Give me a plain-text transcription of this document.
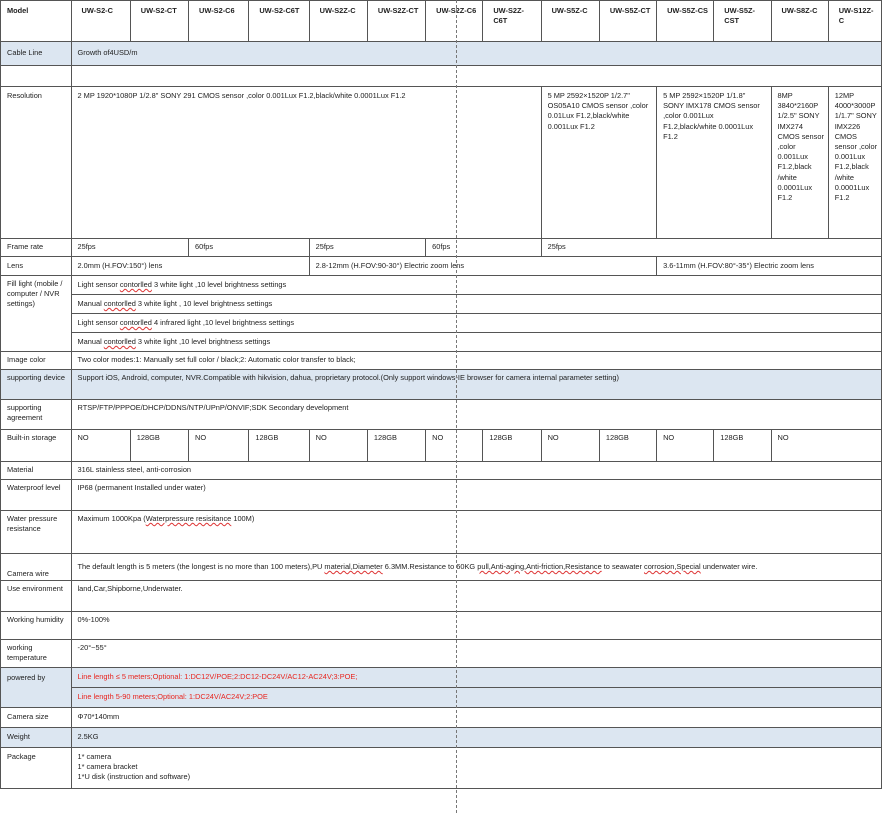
Model	UW-S2-C	UW-S2-CT	UW-S2-C6	UW-S2-C6T	UW-S2Z-C	UW-S2Z-CT	UW-S2Z-C6	UW-S2Z-C6T	UW-S5Z-C	UW-S5Z-CT	UW-S5Z-CS	UW-S5Z-CST	UW-S8Z-C	UW-S12Z-C
Cable Line	Growth of4USD/m													

Resolution	2 MP 1920*1080P 1/2.8" SONY 291 CMOS sensor ,color 0.001Lux F1.2,black/white 0.0001Lux F1.2								5 MP 2592×1520P 1/2.7" OS05A10 CMOS sensor ,color 0.01Lux F1.2,black/white 0.001Lux F1.2		5 MP 2592×1520P 1/1.8" SONY IMX178 CMOS sensor ,color 0.001Lux F1.2,black/white 0.0001Lux F1.2		8MP 3840*2160P 1/2.5" SONY IMX274 CMOS sensor ,color 0.001Lux F1.2,black /white 0.0001Lux F1.2	12MP 4000*3000P 1/1.7" SONY IMX226 CMOS sensor ,color 0.001Lux F1.2,black /white 0.0001Lux F1.2
Frame rate	25fps		60fps		25fps		60fps		25fps					
Lens	2.0mm (H.FOV:150°) lens				2.8-12mm (H.FOV:90-30°) Electric zoom lens						3.6-11mm (H.FOV:80°-35°) Electric zoom lens			
Fill light (mobile / computer / NVR settings)	Light sensor contorlled 3 white light ,10 level brightness settings													
	Manual contorlled 3 white light , 10 level brightness settings													
	Light sensor contorlled 4 infrared light ,10 level brightness settings													
	Manual contorlled 3 white light ,10 level brightness settings													
Image color	Two color modes:1: Manually set full color / black;2: Automatic color transfer to black;													
supporting device	Support iOS, Android, computer, NVR.Compatible with hikvision, dahua, proprietary protocol.(Only support windows-IE browser for camera internal parameter setting)													
supporting agreement	RTSP/FTP/PPPOE/DHCP/DDNS/NTP/UPnP/ONVIF;SDK Secondary development													
Built-in storage	NO	128GB	NO	128GB	NO	128GB	NO	128GB	NO	128GB	NO	128GB	NO	
Material	316L stainless steel, anti-corrosion													
Waterproof level	IP68 (permanent Installed under water)													
Water pressure resistance	Maximum 1000Kpa (Waterpressure resisitance 100M)													
Camera wire	The default length is 5 meters (the longest is no more than 100 meters),PU material,Diameter 6.3MM.Resistance to 60KG pull,Anti-aging,Anti-friction,Resistance to seawater corrosion,Special underwater wire.													
Use environment	land,Car,Shipborne,Underwater.													
Working humidity	0%-100%													
working temperature	-20°~55°													
powered by	Line length ≤ 5 meters;Optional: 1:DC12V/POE;2:DC12-DC24V/AC12-AC24V;3:POE;													
	Line length 5-90 meters;Optional: 1:DC24V/AC24V;2:POE													
Camera size	Φ70*140mm													
Weight	2.5KG													
Package	1* camera
1* camera bracket
1*U disk (instruction and software)													
